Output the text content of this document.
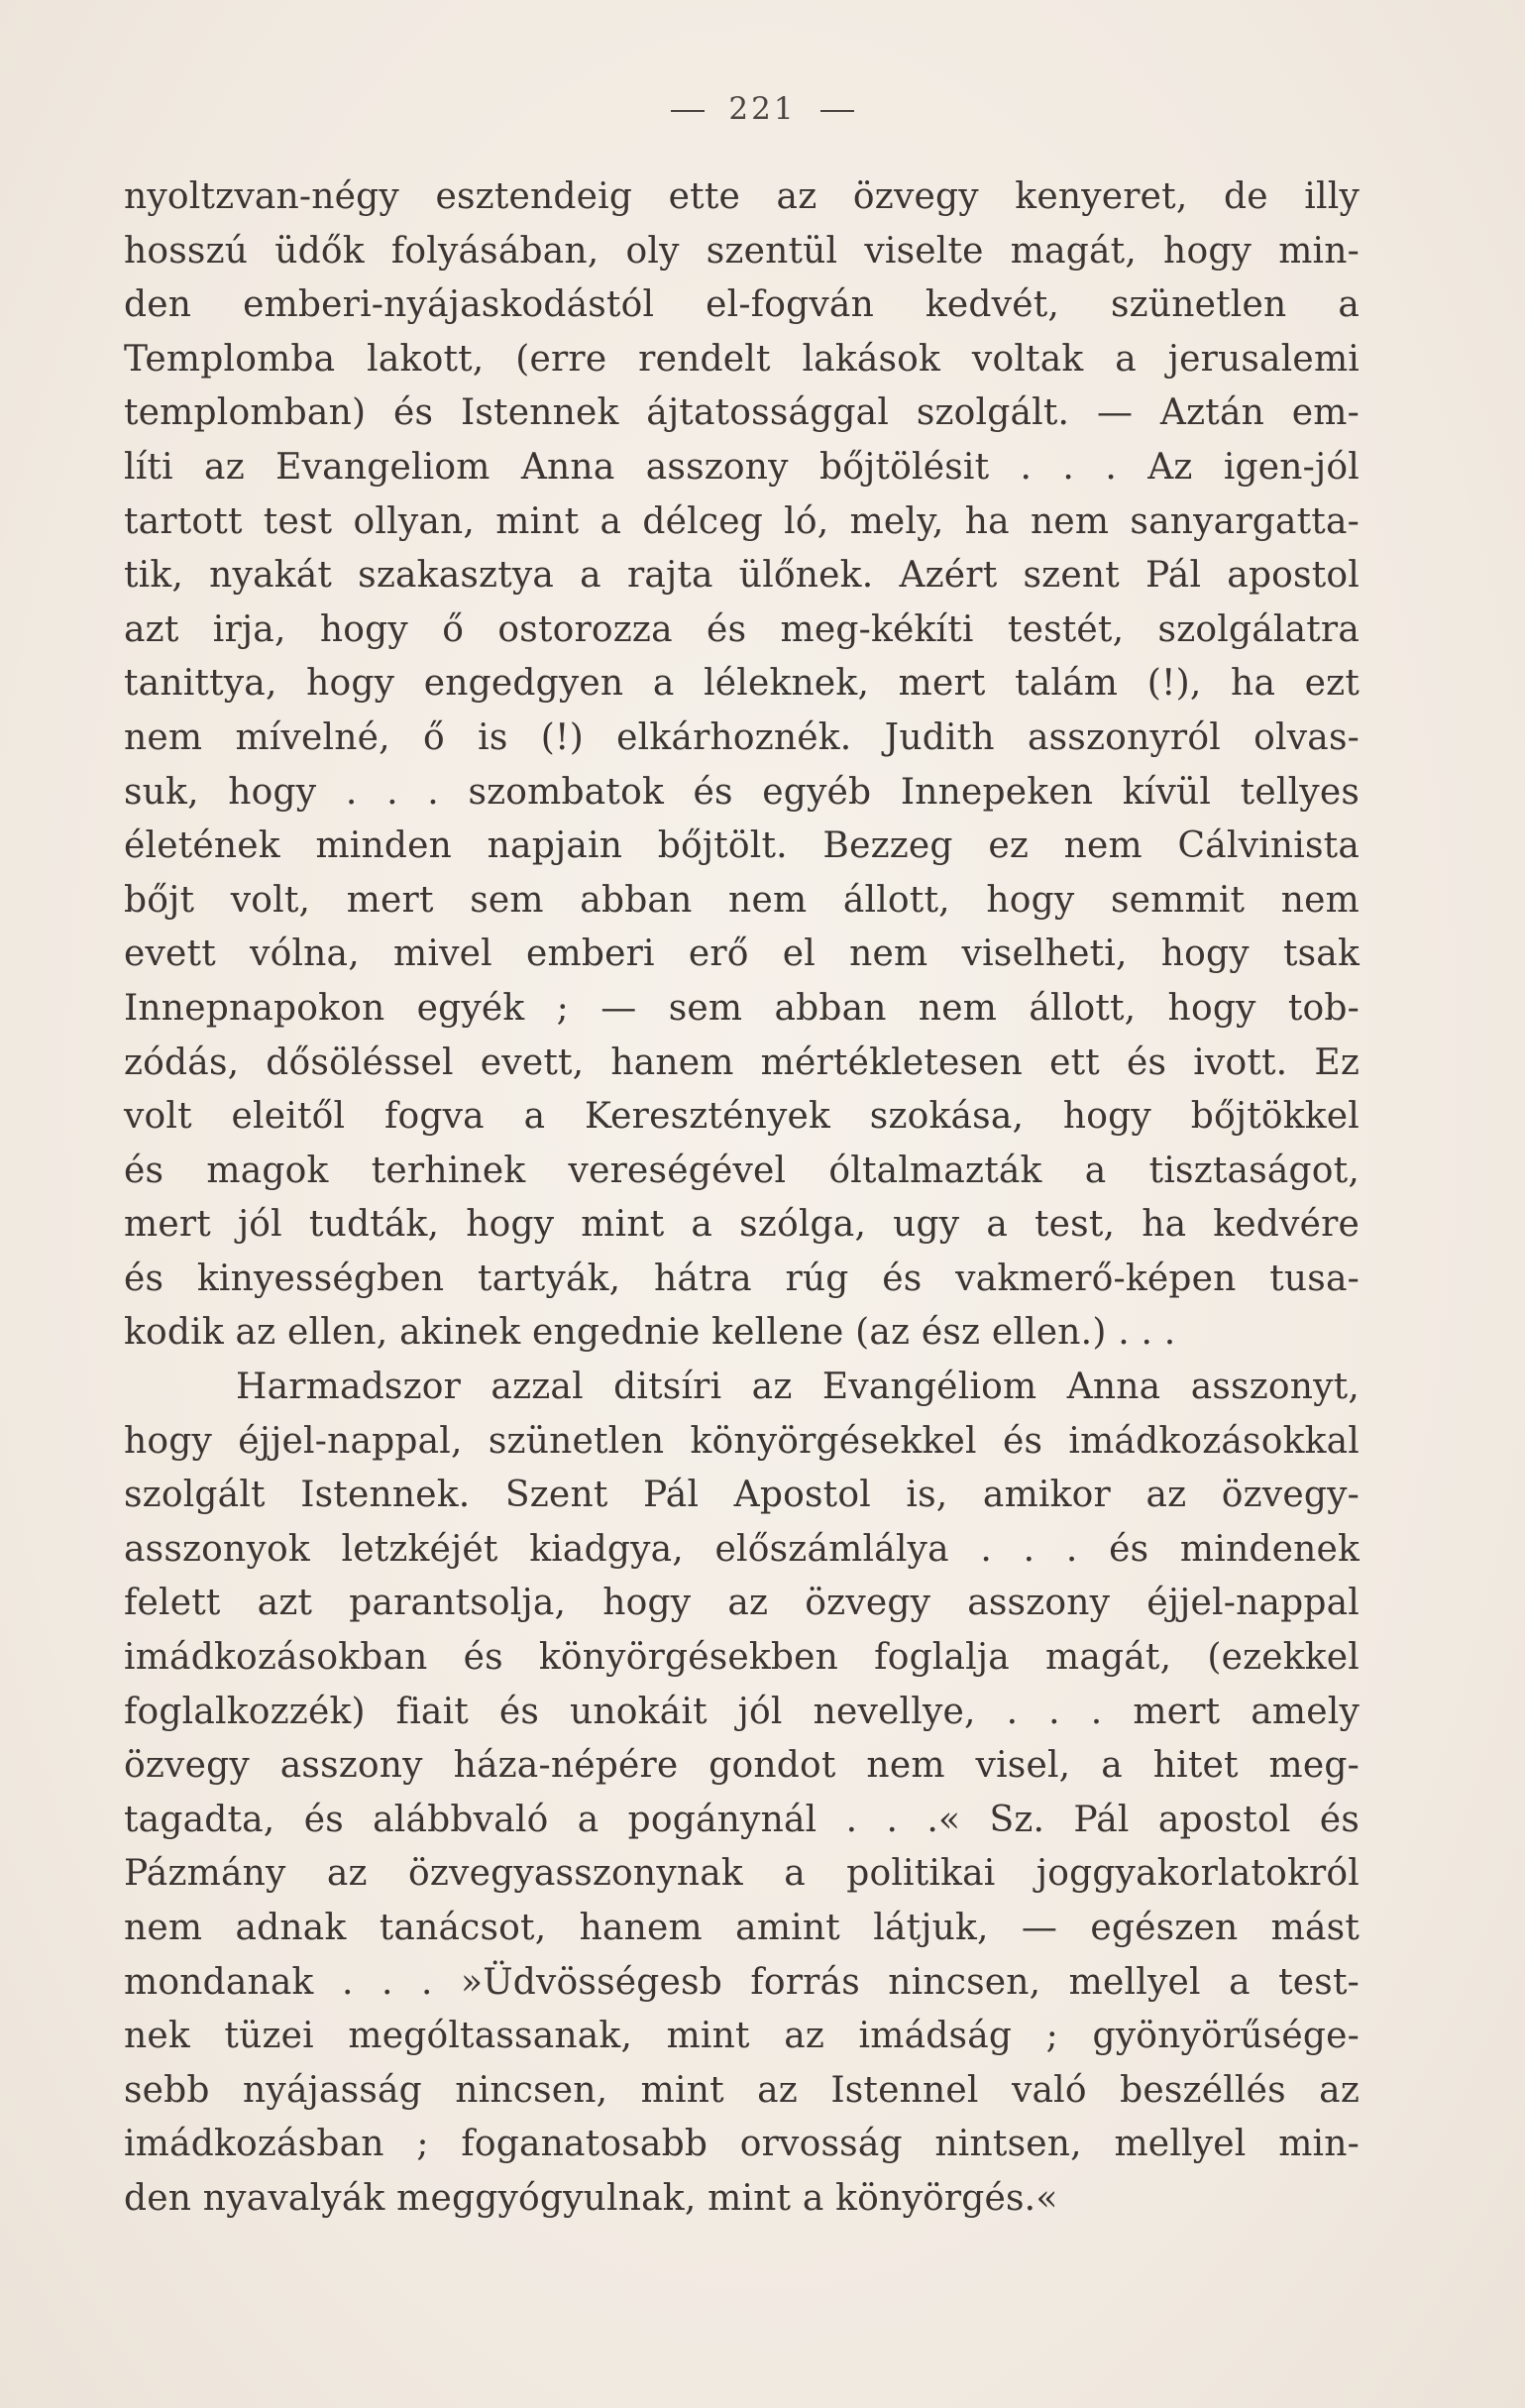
221
nyoltzvan-négy esztendeig ette az özvegy kenyeret, de illy
hosszú üdők folyásában, oly szentül viselte magát, hogy min-
den emberi-nyájaskodástól el-fogván kedvét, szünetlen a
Templomba lakott, (erre rendelt lakások voltak a jerusalemi
templomban) és Istennek ájtatossággal szolgált. — Aztán em-
líti az Evangeliom Anna asszony bőjtölésit . . . Az igen-jól
tartott test ollyan, mint a délceg ló, mely, ha nem sanyargatta-
tik, nyakát szakasztya a rajta ülőnek. Azért szent Pál apostol
azt irja, hogy ő ostorozza és meg-kékíti testét, szolgálatra
tanittya, hogy engedgyen a léleknek, mert talám (!), ha ezt
nem mívelné, ő is (!) elkárhoznék. Judith asszonyról olvas-
suk, hogy . . . szombatok és egyéb Innepeken kívül tellyes
életének minden napjain bőjtölt. Bezzeg ez nem Cálvinista
bőjt volt, mert sem abban nem állott, hogy semmit nem
evett vólna, mivel emberi erő el nem viselheti, hogy tsak
Innepnapokon egyék ; — sem abban nem állott, hogy tob-
zódás, dősöléssel evett, hanem mértékletesen ett és ivott. Ez
volt eleitől fogva a Keresztények szokása, hogy bőjtökkel
és magok terhinek vereségével óltalmazták a tisztaságot,
mert jól tudták, hogy mint a szólga, ugy a test, ha kedvére
és kinyességben tartyák, hátra rúg és vakmerő-képen tusa-
kodik az ellen, akinek engednie kellene (az ész ellen.) . . .
Harmadszor azzal ditsíri az Evangéliom Anna asszonyt,
hogy éjjel-nappal, szünetlen könyörgésekkel és imádkozásokkal
szolgált Istennek. Szent Pál Apostol is, amikor az özvegy-
asszonyok letzkéjét kiadgya, előszámlálya . . . és mindenek
felett azt parantsolja, hogy az özvegy asszony éjjel-nappal
imádkozásokban és könyörgésekben foglalja magát, (ezekkel
foglalkozzék) fiait és unokáit jól nevellye, . . . mert amely
özvegy asszony háza-népére gondot nem visel, a hitet meg-
tagadta, és alábbvaló a pogánynál . . .« Sz. Pál apostol és
Pázmány az özvegyasszonynak a politikai joggyakorlatokról
nem adnak tanácsot, hanem amint látjuk, — egészen mást
mondanak . . . »Üdvösségesb forrás nincsen, mellyel a test-
nek tüzei mególtassanak, mint az imádság ; gyönyörűsége-
sebb nyájasság nincsen, mint az Istennel való beszéllés az
imádkozásban ; foganatosabb orvosság nintsen, mellyel min-
den nyavalyák meggyógyulnak, mint a könyörgés.«
